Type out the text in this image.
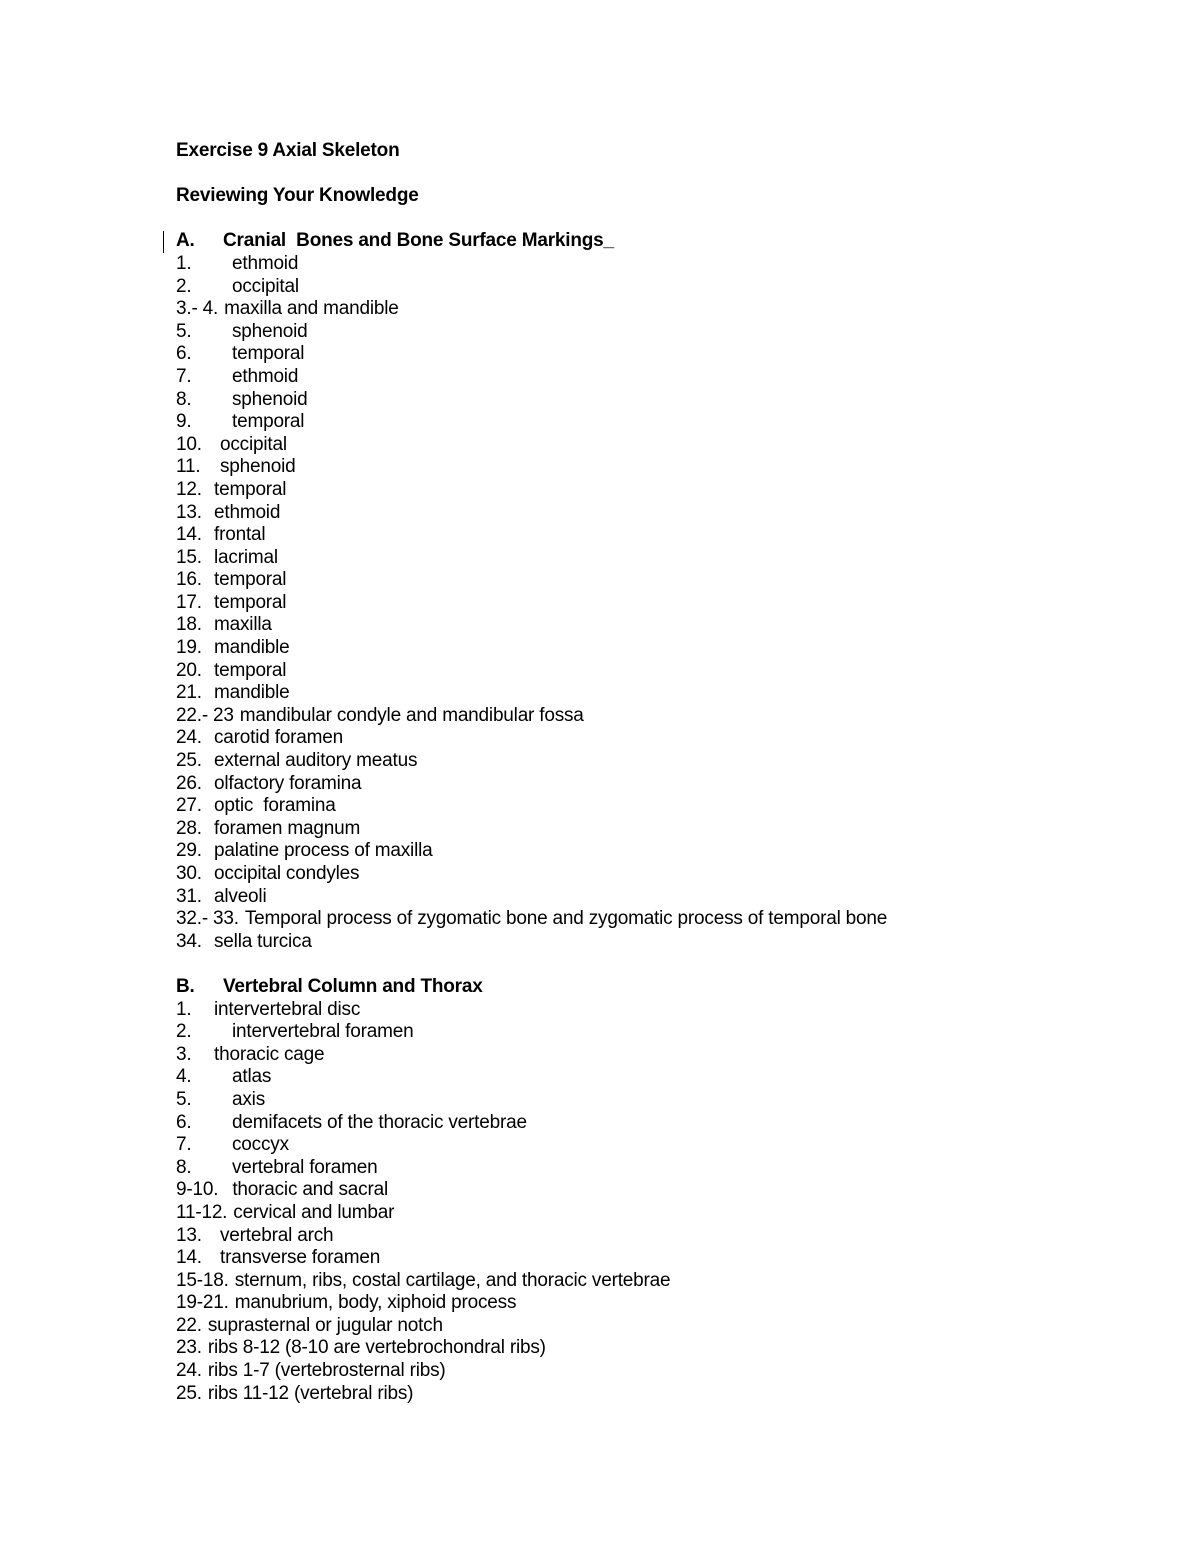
Exercise 9 Axial Skeleton
Reviewing Your Knowledge
A.	Cranial  Bones and Bone Surface Markings _
1.	ethmoid
2.	occipital
3.- 4. maxilla and mandible
5.	sphenoid
6.	temporal
7.	ethmoid
8.	sphenoid
9.	temporal
10. occipital
11.	sphenoid
12. temporal
13. ethmoid
14. frontal
15. lacrimal
16. temporal
17. temporal
18. maxilla
19. mandible
20. temporal
21. mandible
22.- 23 mandibular condyle and mandibular fossa
24. carotid foramen
25. external auditory meatus
26. olfactory foramina
27. optic  foramina
28. foramen magnum
29. palatine process of maxilla
30. occipital condyles
31. alveoli
32.- 33. Temporal process of zygomatic bone and zygomatic process of temporal bone
34. sella turcica
B.	Vertebral Column and Thorax
1.	intervertebral disc
2.	intervertebral foramen
3.	thoracic cage
4.	atlas
5.	axis
6.	demifacets of the thoracic vertebrae
7.	coccyx
8.	vertebral foramen
9-10. thoracic and sacral
11-12. cervical and lumbar
13. vertebral arch
14. transverse foramen
15-18. sternum, ribs, costal cartilage, and thoracic vertebrae
19-21. manubrium, body, xiphoid process
22. suprasternal or jugular notch
23. ribs 8-12 (8-10 are vertebrochondral ribs)
24. ribs 1-7 (vertebrosternal ribs)
25. ribs 11-12 (vertebral ribs)
